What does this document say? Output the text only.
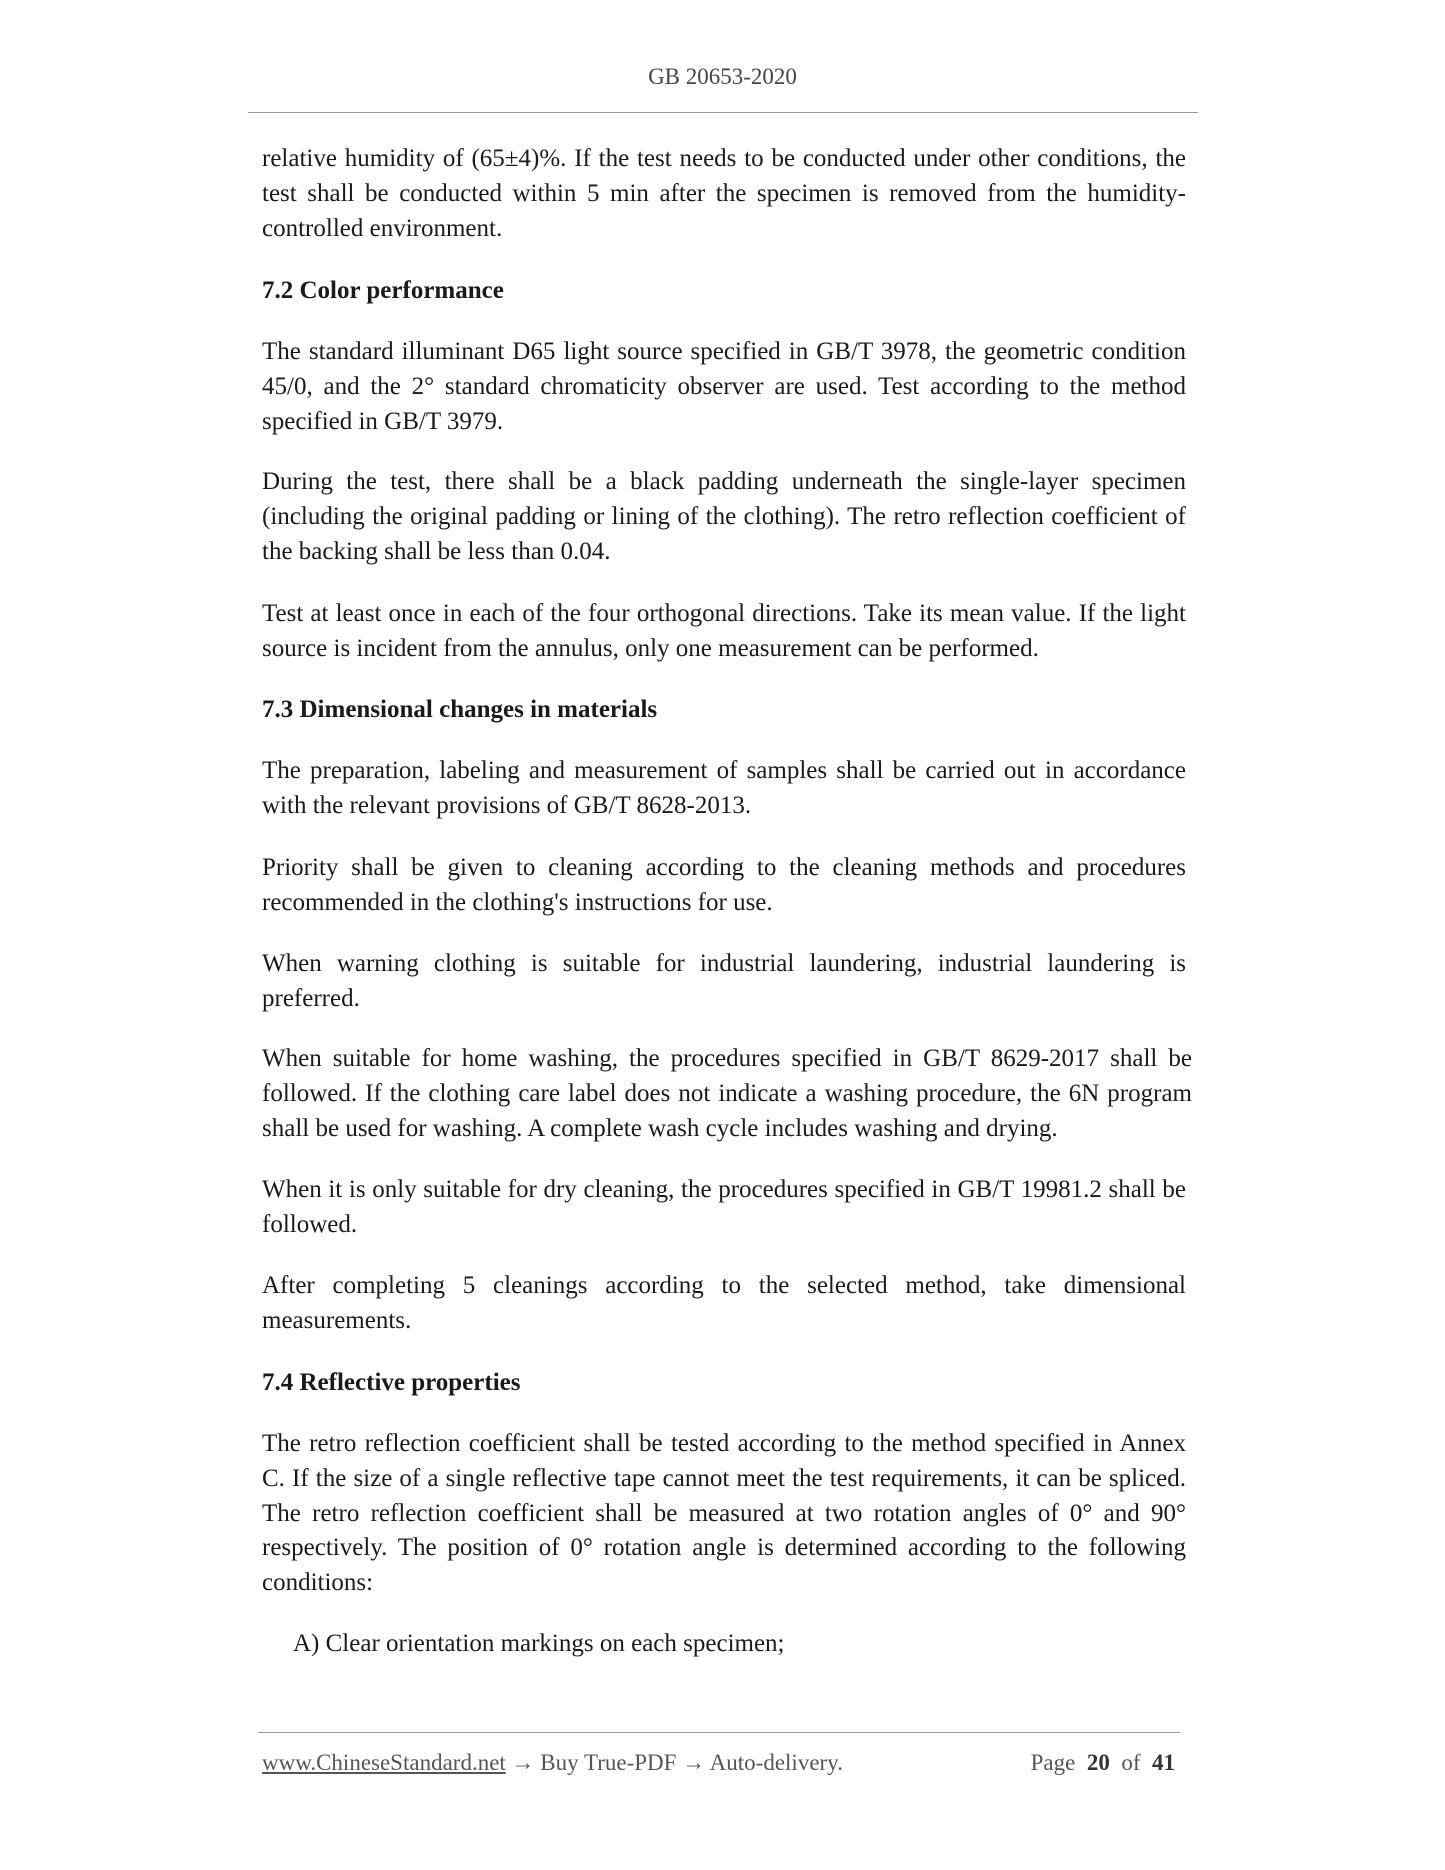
GB 20653-2020
relative humidity of (65±4)%. If the test needs to be conducted under other conditions, the test shall be conducted within 5 min after the specimen is removed from the humidity-controlled environment.
7.2 Color performance
The standard illuminant D65 light source specified in GB/T 3978, the geometric condition 45/0, and the 2° standard chromaticity observer are used. Test according to the method specified in GB/T 3979.
During the test, there shall be a black padding underneath the single-layer specimen (including the original padding or lining of the clothing). The retro reflection coefficient of the backing shall be less than 0.04.
Test at least once in each of the four orthogonal directions. Take its mean value. If the light source is incident from the annulus, only one measurement can be performed.
7.3 Dimensional changes in materials
The preparation, labeling and measurement of samples shall be carried out in accordance with the relevant provisions of GB/T 8628-2013.
Priority shall be given to cleaning according to the cleaning methods and procedures recommended in the clothing's instructions for use.
When warning clothing is suitable for industrial laundering, industrial laundering is preferred.
When suitable for home washing, the procedures specified in GB/T 8629-2017 shall be followed. If the clothing care label does not indicate a washing procedure, the 6N program shall be used for washing. A complete wash cycle includes washing and drying.
When it is only suitable for dry cleaning, the procedures specified in GB/T 19981.2 shall be followed.
After completing 5 cleanings according to the selected method, take dimensional measurements.
7.4 Reflective properties
The retro reflection coefficient shall be tested according to the method specified in Annex C. If the size of a single reflective tape cannot meet the test requirements, it can be spliced. The retro reflection coefficient shall be measured at two rotation angles of 0° and 90° respectively. The position of 0° rotation angle is determined according to the following conditions:
A) Clear orientation markings on each specimen;
www.ChineseStandard.net → Buy True-PDF → Auto-delivery.	Page 20 of 41
